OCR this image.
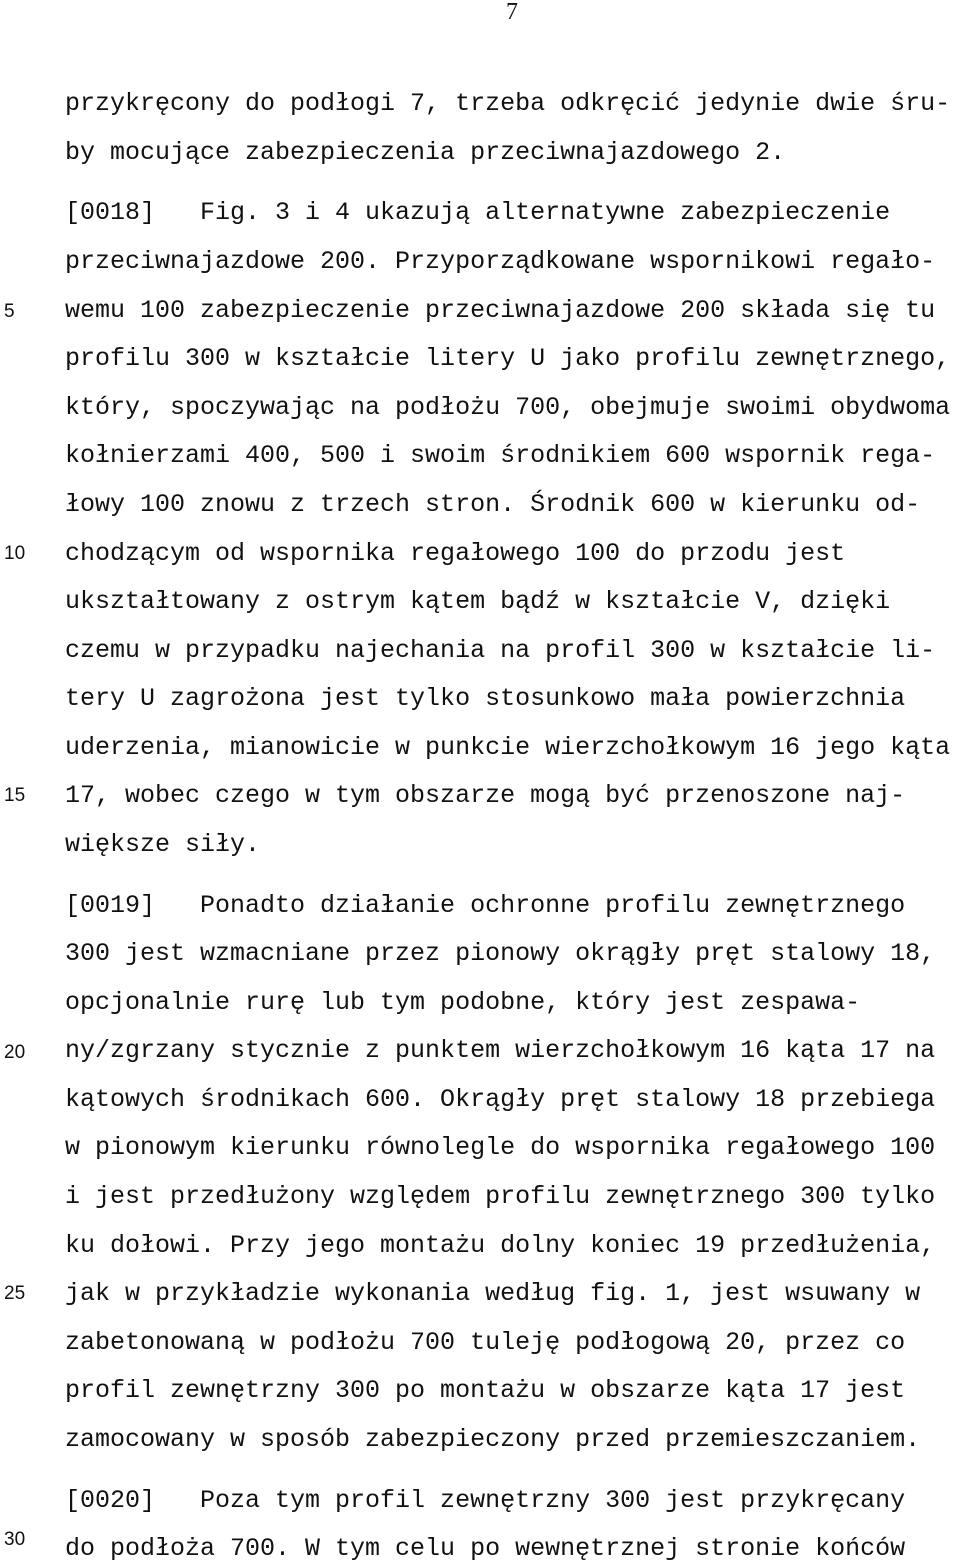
7
5
10
15
20
25
30
przykręcony do podłogi 7, trzeba odkręcić jedynie dwie śru-
by mocujące zabezpieczenia przeciwnajazdowego 2.
[0018]   Fig. 3 i 4 ukazują alternatywne zabezpieczenie
przeciwnajazdowe 200. Przyporządkowane wspornikowi regało-
wemu 100 zabezpieczenie przeciwnajazdowe 200 składa się tu
profilu 300 w kształcie litery U jako profilu zewnętrznego,
który, spoczywając na podłożu 700, obejmuje swoimi obydwoma
kołnierzami 400, 500 i swoim środnikiem 600 wspornik rega-
łowy 100 znowu z trzech stron. Środnik 600 w kierunku od-
chodzącym od wspornika regałowego 100 do przodu jest
ukształtowany z ostrym kątem bądź w kształcie V, dzięki
czemu w przypadku najechania na profil 300 w kształcie li-
tery U zagrożona jest tylko stosunkowo mała powierzchnia
uderzenia, mianowicie w punkcie wierzchołkowym 16 jego kąta
17, wobec czego w tym obszarze mogą być przenoszone naj-
większe siły.
[0019]   Ponadto działanie ochronne profilu zewnętrznego
300 jest wzmacniane przez pionowy okrągły pręt stalowy 18,
opcjonalnie rurę lub tym podobne, który jest zespawa-
ny/zgrzany stycznie z punktem wierzchołkowym 16 kąta 17 na
kątowych środnikach 600. Okrągły pręt stalowy 18 przebiega
w pionowym kierunku równolegle do wspornika regałowego 100
i jest przedłużony względem profilu zewnętrznego 300 tylko
ku dołowi. Przy jego montażu dolny koniec 19 przedłużenia,
jak w przykładzie wykonania według fig. 1, jest wsuwany w
zabetonowaną w podłożu 700 tuleję podłogową 20, przez co
profil zewnętrzny 300 po montażu w obszarze kąta 17 jest
zamocowany w sposób zabezpieczony przed przemieszczaniem.
[0020]   Poza tym profil zewnętrzny 300 jest przykręcany
do podłoża 700. W tym celu po wewnętrznej stronie końców
